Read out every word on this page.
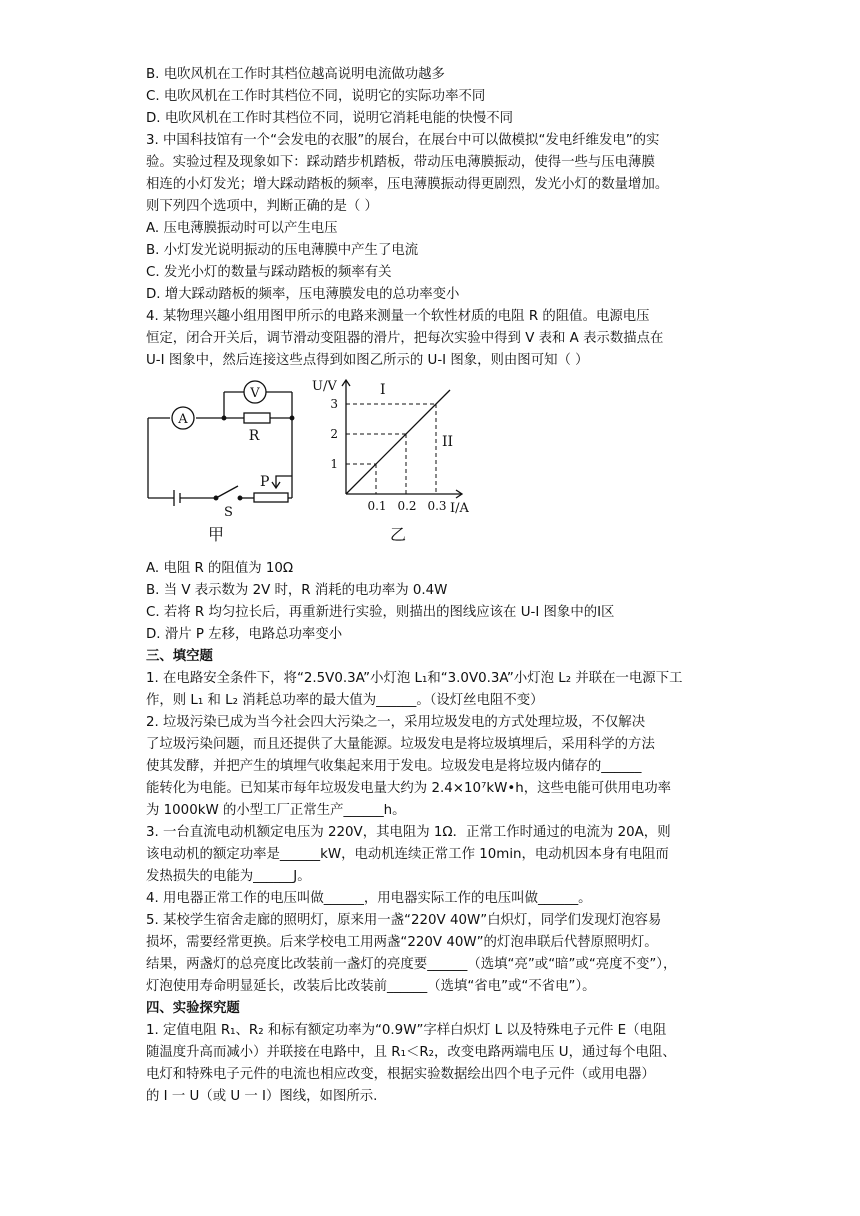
B. 电吹风机在工作时其档位越高说明电流做功越多
C. 电吹风机在工作时其档位不同，说明它的实际功率不同
D. 电吹风机在工作时其档位不同，说明它消耗电能的快慢不同
3. 中国科技馆有一个“会发电的衣服”的展台，在展台中可以做模拟“发电纤维发电”的实
验。实验过程及现象如下：踩动踏步机踏板，带动压电薄膜振动，使得一些与压电薄膜
相连的小灯发光；增大踩动踏板的频率，压电薄膜振动得更剧烈，发光小灯的数量增加。
则下列四个选项中，判断正确的是（ ）
A. 压电薄膜振动时可以产生电压
B. 小灯发光说明振动的压电薄膜中产生了电流
C. 发光小灯的数量与踩动踏板的频率有关
D. 增大踩动踏板的频率，压电薄膜发电的总功率变小
4. 某物理兴趣小组用图甲所示的电路来测量一个软性材质的电阻 R 的阻值。电源电压
恒定，闭合开关后，调节滑动变阻器的滑片，把每次实验中得到 V 表和 A 表示数描点在
U-I 图象中，然后连接这些点得到如图乙所示的 U-I 图象，则由图可知（ ）
A
V
R
P
S
甲
U/V
I/A
1
2
3
0.1 0.2 0.3
I
II
乙
A. 电阻 R 的阻值为 10Ω
B. 当 V 表示数为 2V 时，R 消耗的电功率为 0.4W
C. 若将 R 均匀拉长后，再重新进行实验，则描出的图线应该在 U-I 图象中的Ⅰ区
D. 滑片 P 左移，电路总功率变小
三、填空题
1. 在电路安全条件下，将“2.5V0.3A”小灯泡 L₁和“3.0V0.3A”小灯泡 L₂ 并联在一电源下工
作，则 L₁ 和 L₂ 消耗总功率的最大值为______。（设灯丝电阻不变）
2. 垃圾污染已成为当今社会四大污染之一，采用垃圾发电的方式处理垃圾，不仅解决
了垃圾污染问题，而且还提供了大量能源。垃圾发电是将垃圾填埋后，采用科学的方法
使其发酵，并把产生的填埋气收集起来用于发电。垃圾发电是将垃圾内储存的______
能转化为电能。已知某市每年垃圾发电量大约为 2.4×10⁷kW•h，这些电能可供用电功率
为 1000kW 的小型工厂正常生产______h。
3. 一台直流电动机额定电压为 220V，其电阻为 1Ω．正常工作时通过的电流为 20A，则
该电动机的额定功率是______kW，电动机连续正常工作 10min，电动机因本身有电阻而
发热损失的电能为______J。
4. 用电器正常工作的电压叫做______，用电器实际工作的电压叫做______。
5. 某校学生宿舍走廊的照明灯，原来用一盏“220V 40W”白炽灯，同学们发现灯泡容易
损坏，需要经常更换。后来学校电工用两盏“220V 40W”的灯泡串联后代替原照明灯。
结果，两盏灯的总亮度比改装前一盏灯的亮度要______（选填“亮”或“暗”或“亮度不变”），
灯泡使用寿命明显延长，改装后比改装前______（选填“省电”或“不省电”）。
四、实验探究题
1. 定值电阻 R₁、R₂ 和标有额定功率为“0.9W”字样白炽灯 L 以及特殊电子元件 E（电阻
随温度升高而减小）并联接在电路中，且 R₁＜R₂，改变电路两端电压 U，通过每个电阻、
电灯和特殊电子元件的电流也相应改变，根据实验数据绘出四个电子元件（或用电器）
的 I 一 U（或 U 一 I）图线，如图所示.
